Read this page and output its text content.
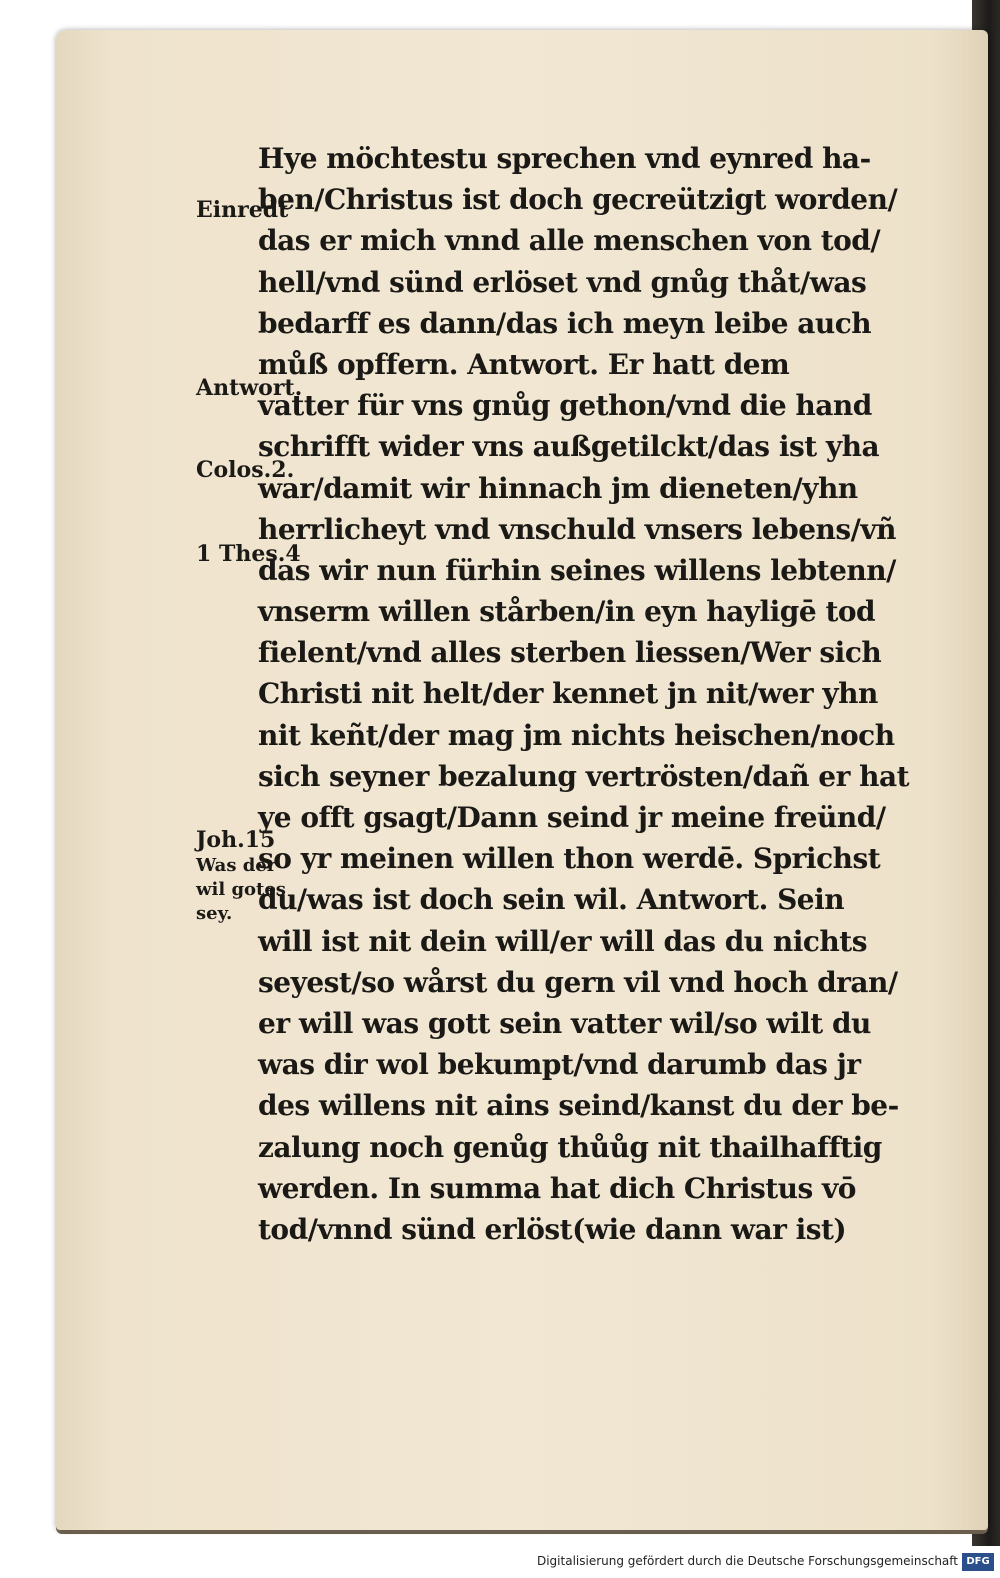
Einredt
Antwort.
Colos.2.
1 Thes.4
Joh.15
Was der
wil gotes
sey.
Hye möchtestu sprechen vnd eynred ha-
ben/Christus ist doch gecreützigt worden/
das er mich vnnd alle menschen von tod/
hell/vnd sünd erlöset vnd gnůg thåt/was
bedarff es dann/das ich meyn leibe auch
můß opffern. Antwort. Er hatt dem
vatter für vns gnůg gethon/vnd die hand
schrifft wider vns außgetilckt/das ist yha
war/damit wir hinnach jm dieneten/yhn
herrlicheyt vnd vnschuld vnsers lebens/vñ
das wir nun fürhin seines willens lebtenn/
vnserm willen stårben/in eyn hayligē tod
fielent/vnd alles sterben liessen/Wer sich
Christi nit helt/der kennet jn nit/wer yhn
nit keñt/der mag jm nichts heischen/noch
sich seyner bezalung vertrösten/dañ er hat
ye offt gsagt/Dann seind jr meine freünd/
so yr meinen willen thon werdē. Sprichst
du/was ist doch sein wil. Antwort. Sein
will ist nit dein will/er will das du nichts
seyest/so wårst du gern vil vnd hoch dran/
er will was gott sein vatter wil/so wilt du
was dir wol bekumpt/vnd darumb das jr
des willens nit ains seind/kanst du der be-
zalung noch genůg thůůg nit thailhafftig
werden. In summa hat dich Christus vō
tod/vnnd sünd erlöst(wie dann war ist)
Digitalisierung gefördert durch die Deutsche Forschungsgemeinschaft DFG
